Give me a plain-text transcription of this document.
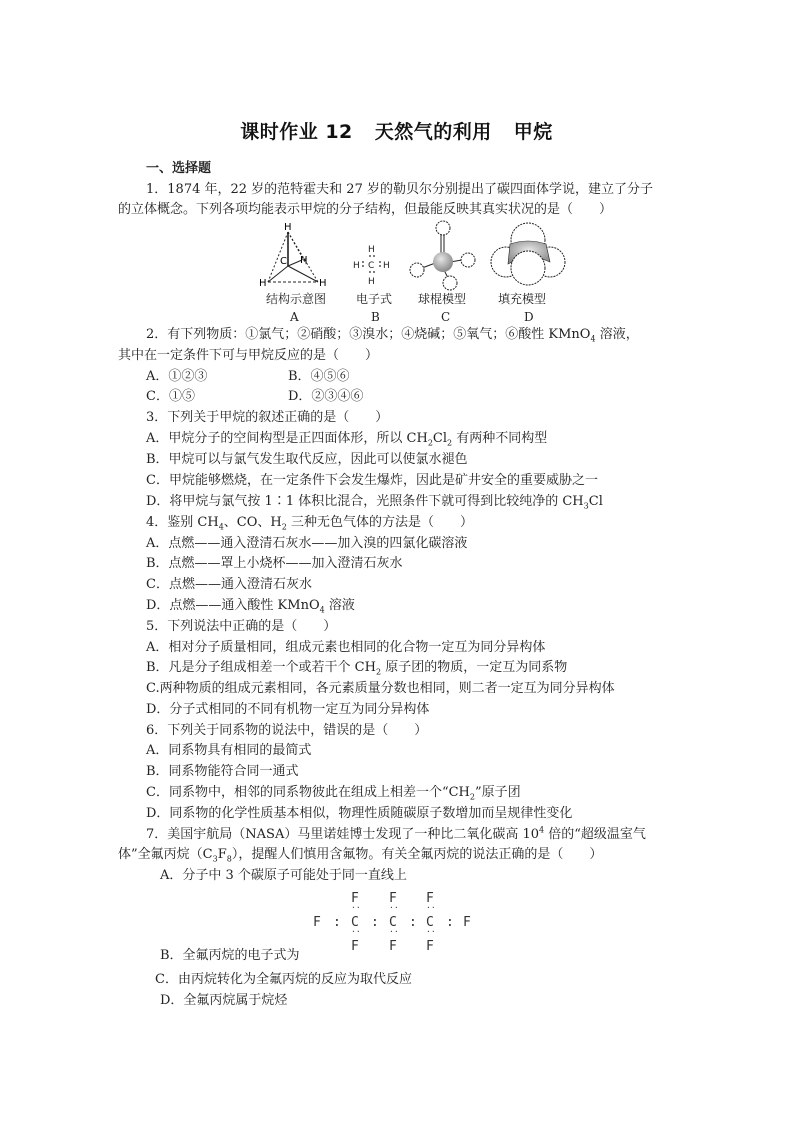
课时作业 12 天然气的利用 甲烷
一、选择题
1．1874 年，22 岁的范特霍夫和 27 岁的勒贝尔分别提出了碳四面体学说，建立了分子
的立体概念。下列各项均能表示甲烷的分子结构，但最能反映其真实状况的是（　　）
H
C H
H	H
结构示意图
A
H
H C H
H
电子式
B
球棍模型
C
填充模型
D
2．有下列物质：①氯气；②硝酸；③溴水；④烧碱；⑤氧气；⑥酸性 KMnO$_4$ 溶液，
其中在一定条件下可与甲烷反应的是（　　）
A．①②③	B．④⑤⑥
C．①⑤	D．②③④⑥
3．下列关于甲烷的叙述正确的是（　　）
A．甲烷分子的空间构型是正四面体形，所以 $CH_2Cl_2$ 有两种不同构型
B．甲烷可以与氯气发生取代反应，因此可以使氯水褪色
C．甲烷能够燃烧，在一定条件下会发生爆炸，因此是矿井安全的重要威胁之一
D．将甲烷与氯气按 1∶1 体积比混合，光照条件下就可得到比较纯净的 $CH_3Cl$
4．鉴别 $CH_4$、CO、$H_2$ 三种无色气体的方法是（　　）
A．点燃——通入澄清石灰水——加入溴的四氯化碳溶液
B．点燃——罩上小烧杯——加入澄清石灰水
C．点燃——通入澄清石灰水
D．点燃——通入酸性 KMnO$_4$ 溶液
5．下列说法中正确的是（　　）
A．相对分子质量相同，组成元素也相同的化合物一定互为同分异构体
B．凡是分子组成相差一个或若干个 $CH_2$ 原子团的物质，一定互为同系物
C.两种物质的组成元素相同，各元素质量分数也相同，则二者一定互为同分异构体
D．分子式相同的不同有机物一定互为同分异构体
6．下列关于同系物的说法中，错误的是（　　）
A．同系物具有相同的最简式
B．同系物能符合同一通式
C．同系物中，相邻的同系物彼此在组成上相差一个“$CH_2$”原子团
D．同系物的化学性质基本相似，物理性质随碳原子数增加而呈规律性变化
7．美国宇航局（NASA）马里诺娃博士发现了一种比二氧化碳高 $10^4$ 倍的“超级温室气
体”全氟丙烷$(C_3F_8)$，提醒人们慎用含氟物。有关全氟丙烷的说法正确的是（　　）
A．分子中 3 个碳原子可能处于同一直线上
F F F
F : C : C : C : F
··	··	··
··	··	··
F F F
B．全氟丙烷的电子式为
C．由丙烷转化为全氟丙烷的反应为取代反应
D．全氟丙烷属于烷烃
